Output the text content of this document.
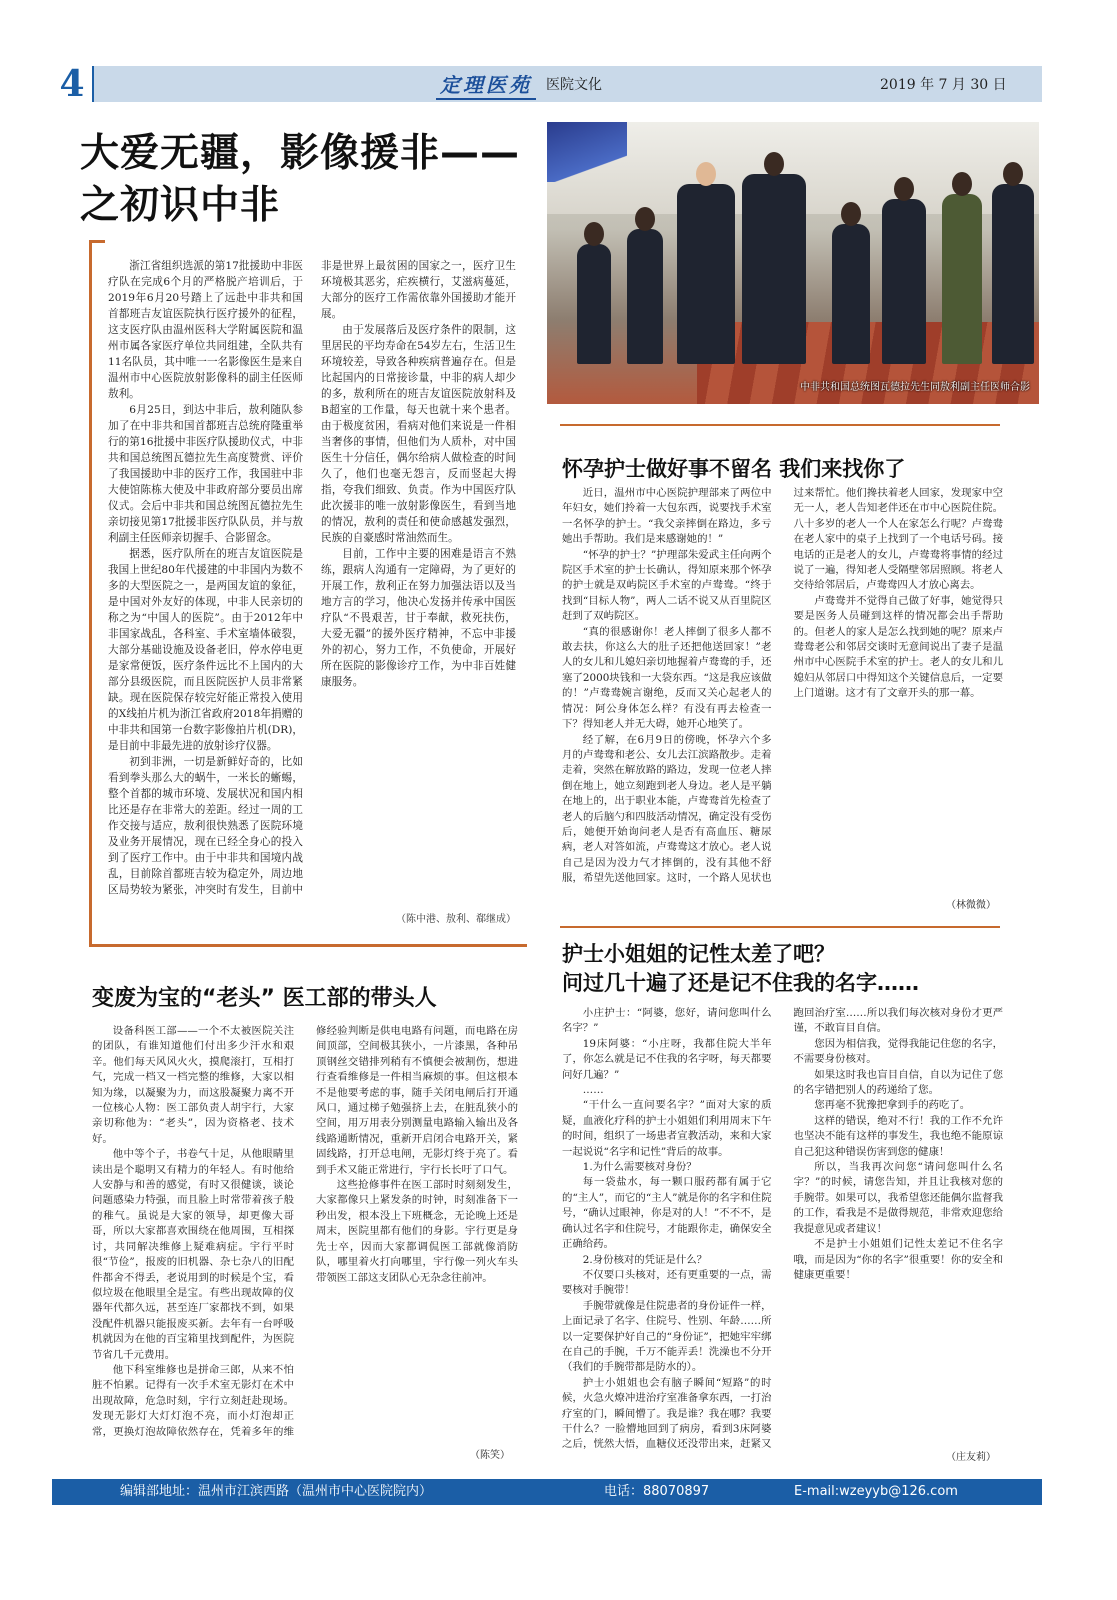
4	定理医苑 医院文化	2019 年 7 月 30 日
大爱无疆，影像援非——之初识中非

浙江省组织选派的第17批援助中非医疗队在完成6个月的严格脱产培训后，于2019年6月20号踏上了远赴中非共和国首都班吉友谊医院执行医疗援外的征程，这支医疗队由温州医科大学附属医院和温州市属各家医疗单位共同组建，全队共有11名队员，其中唯一一名影像医生是来自温州市中心医院放射影像科的副主任医师敖利。

6月25日，到达中非后，敖利随队参加了在中非共和国首都班吉总统府隆重举行的第16批援中非医疗队援助仪式，中非共和国总统图瓦德拉先生高度赞赏、评价了我国援助中非的医疗工作，我国驻中非大使馆陈栋大使及中非政府部分要员出席仪式。会后中非共和国总统图瓦德拉先生亲切接见第17批援非医疗队队员，并与敖利副主任医师亲切握手、合影留念。

据悉，医疗队所在的班吉友谊医院是我国上世纪80年代援建的中非国内为数不多的大型医院之一，是两国友谊的象征，是中国对外友好的体现，中非人民亲切的称之为“中国人的医院”。由于2012年中非国家战乱，各科室、手术室墙体破裂，大部分基础设施及设备老旧，停水停电更是家常便饭，医疗条件远比不上国内的大部分县级医院，而且医院医护人员非常紧缺。现在医院保存较完好能正常投入使用的X线拍片机为浙江省政府2018年捐赠的中非共和国第一台数字影像拍片机(DR)，是目前中非最先进的放射诊疗仪器。

初到非洲，一切是新鲜好奇的，比如看到拳头那么大的蜗牛，一米长的蜥蜴，整个首都的城市环境、发展状况和国内相比还是存在非常大的差距。经过一周的工作交接与适应，敖利很快熟悉了医院环境及业务开展情况，现在已经全身心的投入到了医疗工作中。由于中非共和国境内战乱，目前除首都班吉较为稳定外，周边地区局势较为紧张，冲突时有发生，目前中非是世界上最贫困的国家之一，医疗卫生环境极其恶劣，疟疾横行，艾滋病蔓延，大部分的医疗工作需依靠外国援助才能开展。

由于发展落后及医疗条件的限制，这里居民的平均寿命在54岁左右，生活卫生环境较差，导致各种疾病普遍存在。但是比起国内的日常接诊量，中非的病人却少的多，敖利所在的班吉友谊医院放射科及B超室的工作量，每天也就十来个患者。由于极度贫困，看病对他们来说是一件相当奢侈的事情，但他们为人质朴，对中国医生十分信任，偶尔给病人做检查的时间久了，他们也毫无怨言，反而竖起大拇指，夸我们细致、负责。作为中国医疗队此次援非的唯一放射影像医生，看到当地的情况，敖利的责任和使命感越发强烈，民族的自豪感时常油然而生。

目前，工作中主要的困难是语言不熟练，跟病人沟通有一定障碍，为了更好的开展工作，敖利正在努力加强法语以及当地方言的学习，他决心发扬并传承中国医疗队“不畏艰苦，甘于奉献，救死扶伤，大爱无疆”的援外医疗精神，不忘中非援外的初心，努力工作，不负使命，开展好所在医院的影像诊疗工作，为中非百姓健康服务。

（陈中港、敖利、郗继成）
中非共和国总统图瓦德拉先生同敖利副主任医师合影
怀孕护士做好事不留名 我们来找你了

近日，温州市中心医院护理部来了两位中年妇女，她们拎着一大包东西，说要找手术室一名怀孕的护士。“我父亲摔倒在路边，多亏她出手帮助。我们是来感谢她的！”

“怀孕的护士？”护理部朱爱武主任向两个院区手术室的护士长确认，得知原来那个怀孕的护士就是双屿院区手术室的卢鸯鸯。“终于找到“目标人物”，两人二话不说又从百里院区赶到了双屿院区。

“真的很感谢你！老人摔倒了很多人都不敢去扶，你这么大的肚子还把他送回家！”老人的女儿和儿媳妇亲切地握着卢鸯鸯的手，还塞了2000块钱和一大袋东西。“这是我应该做的！”卢鸯鸯婉言谢绝，反而又关心起老人的情况：阿公身体怎么样？有没有再去检查一下？得知老人并无大碍，她开心地笑了。

经了解，在6月9日的傍晚，怀孕六个多月的卢鸯鸯和老公、女儿去江滨路散步。走着走着，突然在解放路的路边，发现一位老人摔倒在地上，她立刻跑到老人身边。老人是平躺在地上的，出于职业本能，卢鸯鸯首先检查了老人的后脑勺和四肢活动情况，确定没有受伤后，她便开始询问老人是否有高血压、糖尿病，老人对答如流，卢鸯鸯这才放心。老人说自己是因为没力气才摔倒的，没有其他不舒服，希望先送他回家。这时，一个路人见状也过来帮忙。他们搀扶着老人回家，发现家中空无一人，老人告知老伴还在市中心医院住院。八十多岁的老人一个人在家怎么行呢？卢鸯鸯在老人家中的桌子上找到了一个电话号码。接电话的正是老人的女儿，卢鸯鸯将事情的经过说了一遍，得知老人受隔壁邻居照顾。将老人交待给邻居后，卢鸯鸯四人才放心离去。

卢鸯鸯并不觉得自己做了好事，她觉得只要是医务人员碰到这样的情况都会出手帮助的。但老人的家人是怎么找到她的呢？原来卢鸯鸯老公和邻居交谈时无意间说出了妻子是温州市中心医院手术室的护士。老人的女儿和儿媳妇从邻居口中得知这个关键信息后，一定要上门道谢。这才有了文章开头的那一幕。

（林微微）
护士小姐姐的记性太差了吧？
问过几十遍了还是记不住我的名字……

小庄护士：“阿婆，您好，请问您叫什么名字？”

19床阿婆：“小庄呀，我都住院大半年了，你怎么就是记不住我的名字呀，每天都要问好几遍？”

……

“干什么一直问要名字？”面对大家的质疑，血液化疗科的护士小姐姐们利用周末下午的时间，组织了一场患者宣教活动，来和大家一起说说“名字和记性”背后的故事。

1.为什么需要核对身份？

每一袋盐水，每一颗口服药都有属于它的“主人”，而它的“主人”就是你的名字和住院号，“确认过眼神，你是对的人！”不不不，是确认过名字和住院号，才能跟你走，确保安全正确给药。

2.身份核对的凭证是什么？

不仅要口头核对，还有更重要的一点，需要核对手腕带！

手腕带就像是住院患者的身份证件一样，上面记录了名字、住院号、性别、年龄……所以一定要保护好自己的“身份证”，把她牢牢绑在自己的手腕，千万不能弄丢！洗澡也不分开（我们的手腕带都是防水的）。

护士小姐姐也会有脑子瞬间“短路”的时候，火急火燎冲进治疗室准备拿东西，一打治疗室的门，瞬间懵了。我是谁？我在哪？我要干什么？一脸懵地回到了病房，看到3床阿婆之后，恍然大悟，血糖仪还没带出来，赶紧又跑回治疗室……所以我们每次核对身份才更严谨，不敢盲目自信。

您因为相信我，觉得我能记住您的名字，不需要身份核对。

如果这时我也盲目自信，自以为记住了您的名字错把别人的药递给了您。

您再毫不犹豫把拿到手的药吃了。

这样的错误，绝对不行！我的工作不允许也坚决不能有这样的事发生，我也绝不能原谅自己犯这种错误伤害到您的健康！

所以，当我再次问您“请问您叫什么名字？”的时候，请您告知，并且让我核对您的手腕带。如果可以，我希望您还能偶尔监督我的工作，看我是不是做得规范，非常欢迎您给我提意见或者建议！

不是护士小姐姐们记性太差记不住名字哦，而是因为“你的名字”很重要！你的安全和健康更重要！

（庄友莉）
变废为宝的“老头” 医工部的带头人

设备科医工部——一个不太被医院关注的团队，有谁知道他们付出多少汗水和艰辛。他们每天风风火火，摸爬滚打，互相打气，完成一档又一档完整的维修，大家以相知为缘，以凝聚为力，而这股凝聚力离不开一位核心人物：医工部负责人胡宇行，大家亲切称他为：“老头”，因为资格老、技术好。

他中等个子，书卷气十足，从他眼睛里读出是个聪明又有精力的年轻人。有时他给人安静与和善的感觉，有时又很健谈，谈论问题感染力特强，而且脸上时常带着孩子般的稚气。虽说是大家的领导，却更像大哥哥，所以大家都喜欢围绕在他周围，互相探讨，共同解决维修上疑难病症。宇行平时很“节俭”，报废的旧机器、杂七杂八的旧配件都舍不得丢，老说用到的时候是个宝，看似垃圾在他眼里全是宝。有些出现故障的仪器年代都久远，甚至连厂家都找不到，如果没配件机器只能报废买新。去年有一台呼吸机就因为在他的百宝箱里找到配件，为医院节省几千元费用。

他下科室维修也是拼命三郎，从来不怕脏不怕累。记得有一次手术室无影灯在术中出现故障，危急时刻，宇行立刻赶赴现场。发现无影灯大灯灯泡不亮，而小灯泡却正常，更换灯泡故障依然存在，凭着多年的维修经验判断是供电电路有问题，而电路在房间顶部，空间极其狭小，一片漆黑，各种吊顶钢丝交错排列稍有不慎便会被割伤，想进行查看维修是一件相当麻烦的事。但这根本不是他要考虑的事，随手关闭电闸后打开通风口，通过梯子勉强挤上去，在脏乱狭小的空间，用万用表分别测量电路输入输出及各线路通断情况，重新开启闭合电路开关，紧固线路，打开总电闸，无影灯终于亮了。看到手术又能正常进行，宇行长长吁了口气。

这些抢修事件在医工部时时刻刻发生，大家都像只上紧发条的时钟，时刻准备下一秒出发，根本没上下班概念，无论晚上还是周末，医院里都有他们的身影。宇行更是身先士卒，因而大家都调侃医工部就像消防队，哪里着火打向哪里，宇行像一列火车头带领医工部这支团队心无杂念往前冲。

（陈笑）
编辑部地址：温州市江滨西路（温州市中心医院院内）	电话：88070897	E-mail:wzeyyb@126.com
